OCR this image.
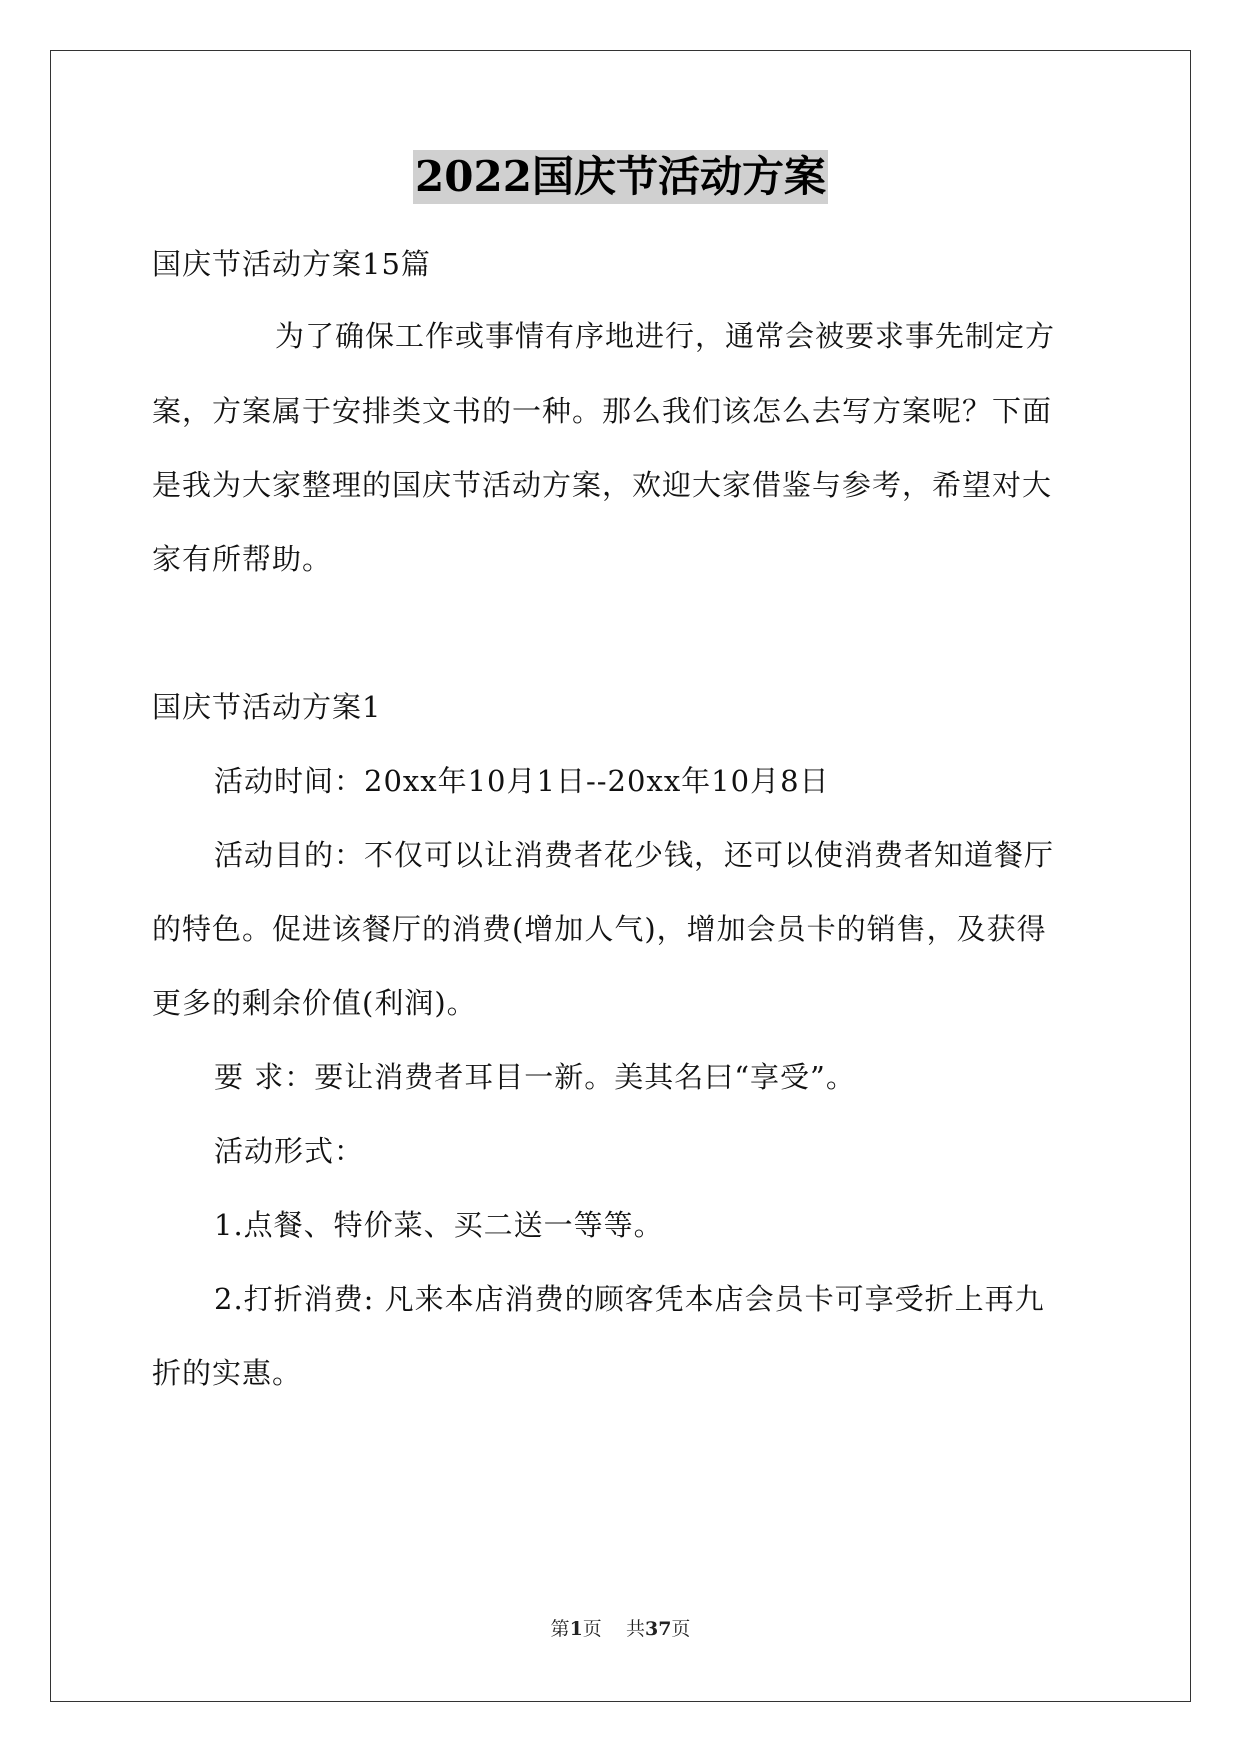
2022国庆节活动方案
国庆节活动方案15篇
为了确保工作或事情有序地进行，通常会被要求事先制定方
案，方案属于安排类文书的一种。那么我们该怎么去写方案呢？下面
是我为大家整理的国庆节活动方案，欢迎大家借鉴与参考，希望对大
家有所帮助。
国庆节活动方案1
活动时间：20xx年10月1日--20xx年10月8日
活动目的：不仅可以让消费者花少钱，还可以使消费者知道餐厅
的特色。促进该餐厅的消费(增加人气)，增加会员卡的销售，及获得
更多的剩余价值(利润)。
要 求：要让消费者耳目一新。美其名曰“享受”。
活动形式：
1.点餐、特价菜、买二送一等等。
2.打折消费: 凡来本店消费的顾客凭本店会员卡可享受折上再九
折的实惠。
第1页    共37页
